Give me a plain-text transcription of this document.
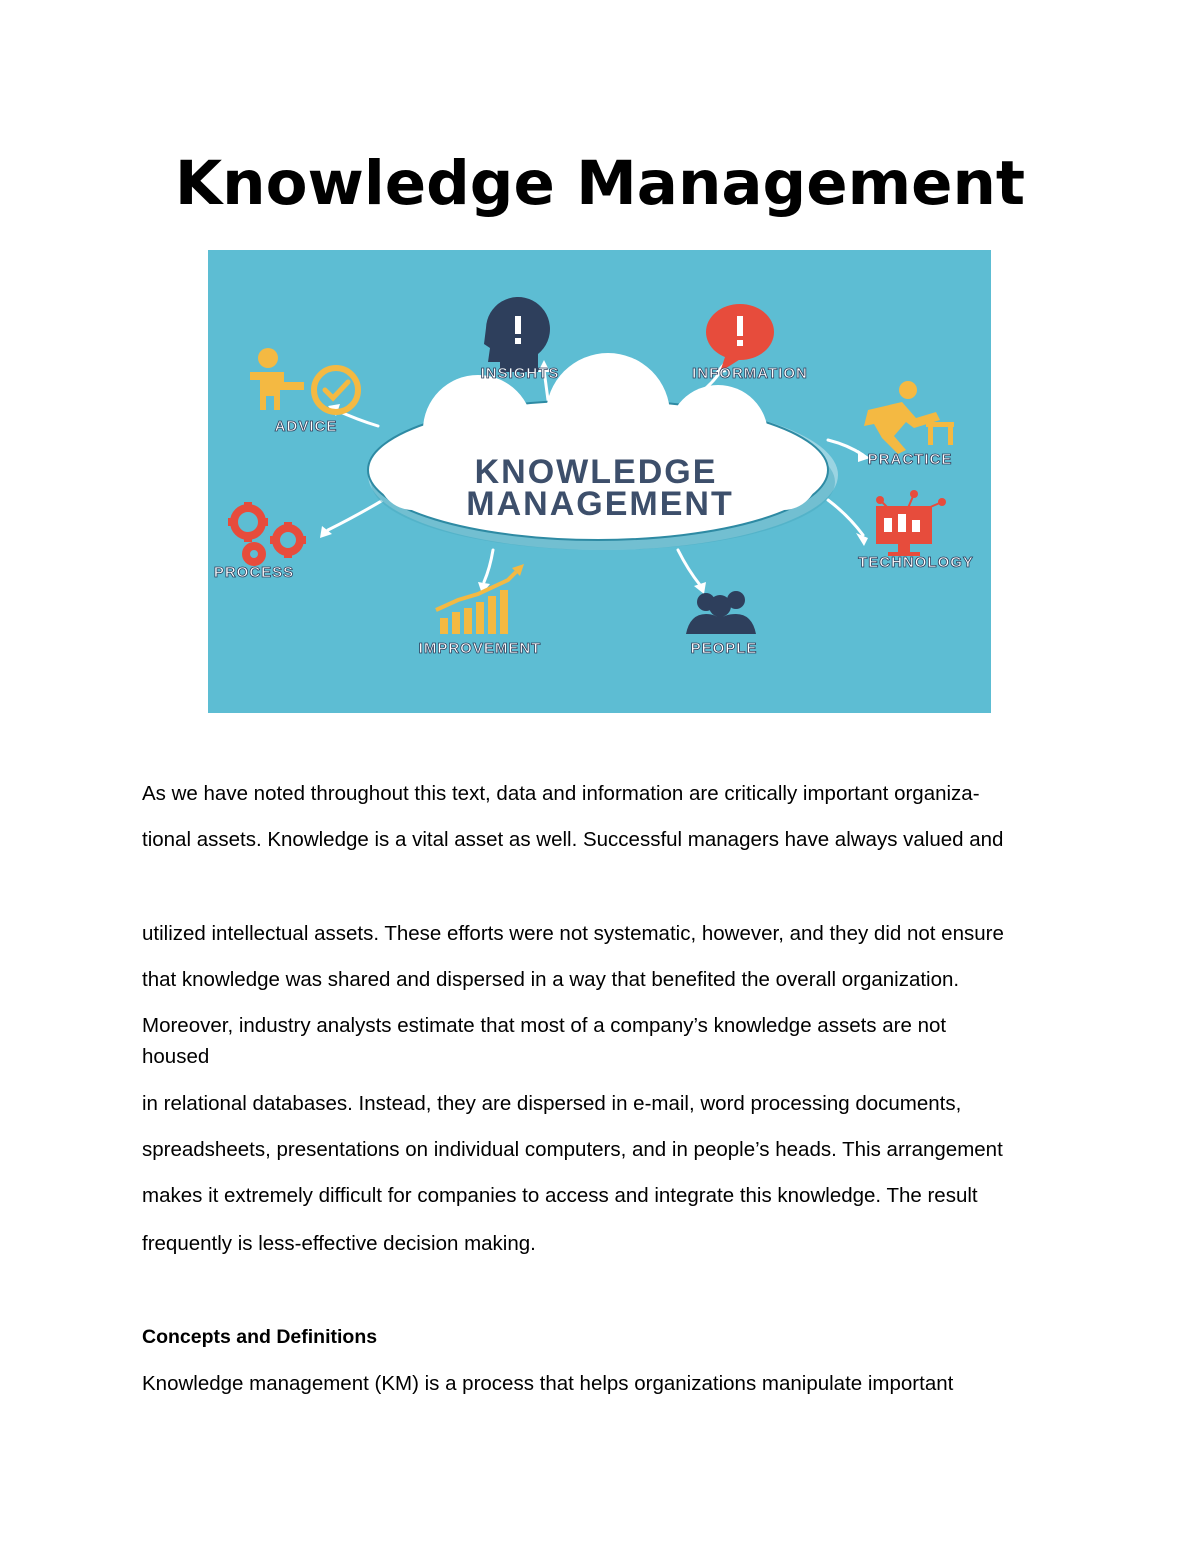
Knowledge Management
KNOWLEDGE
MANAGEMENT
INSIGHTS	INFORMATION
ADVICE
PRACTICE
PROCESS
TECHNOLOGY
IMPROVEMENT	PEOPLE

As we have noted throughout this text, data and information are critically important organiza-

tional assets. Knowledge is a vital asset as well. Successful managers have always valued and

utilized intellectual assets. These efforts were not systematic, however, and they did not ensure

that knowledge was shared and dispersed in a way that benefited the overall organization.

Moreover, industry analysts estimate that most of a company’s knowledge assets are not

housed

in relational databases. Instead, they are dispersed in e-mail, word processing documents,

spreadsheets, presentations on individual computers, and in people’s heads. This arrangement

makes it extremely difficult for companies to access and integrate this knowledge. The result

frequently is less-effective decision making.

Concepts and Definitions

Knowledge management (KM) is a process that helps organizations manipulate important
